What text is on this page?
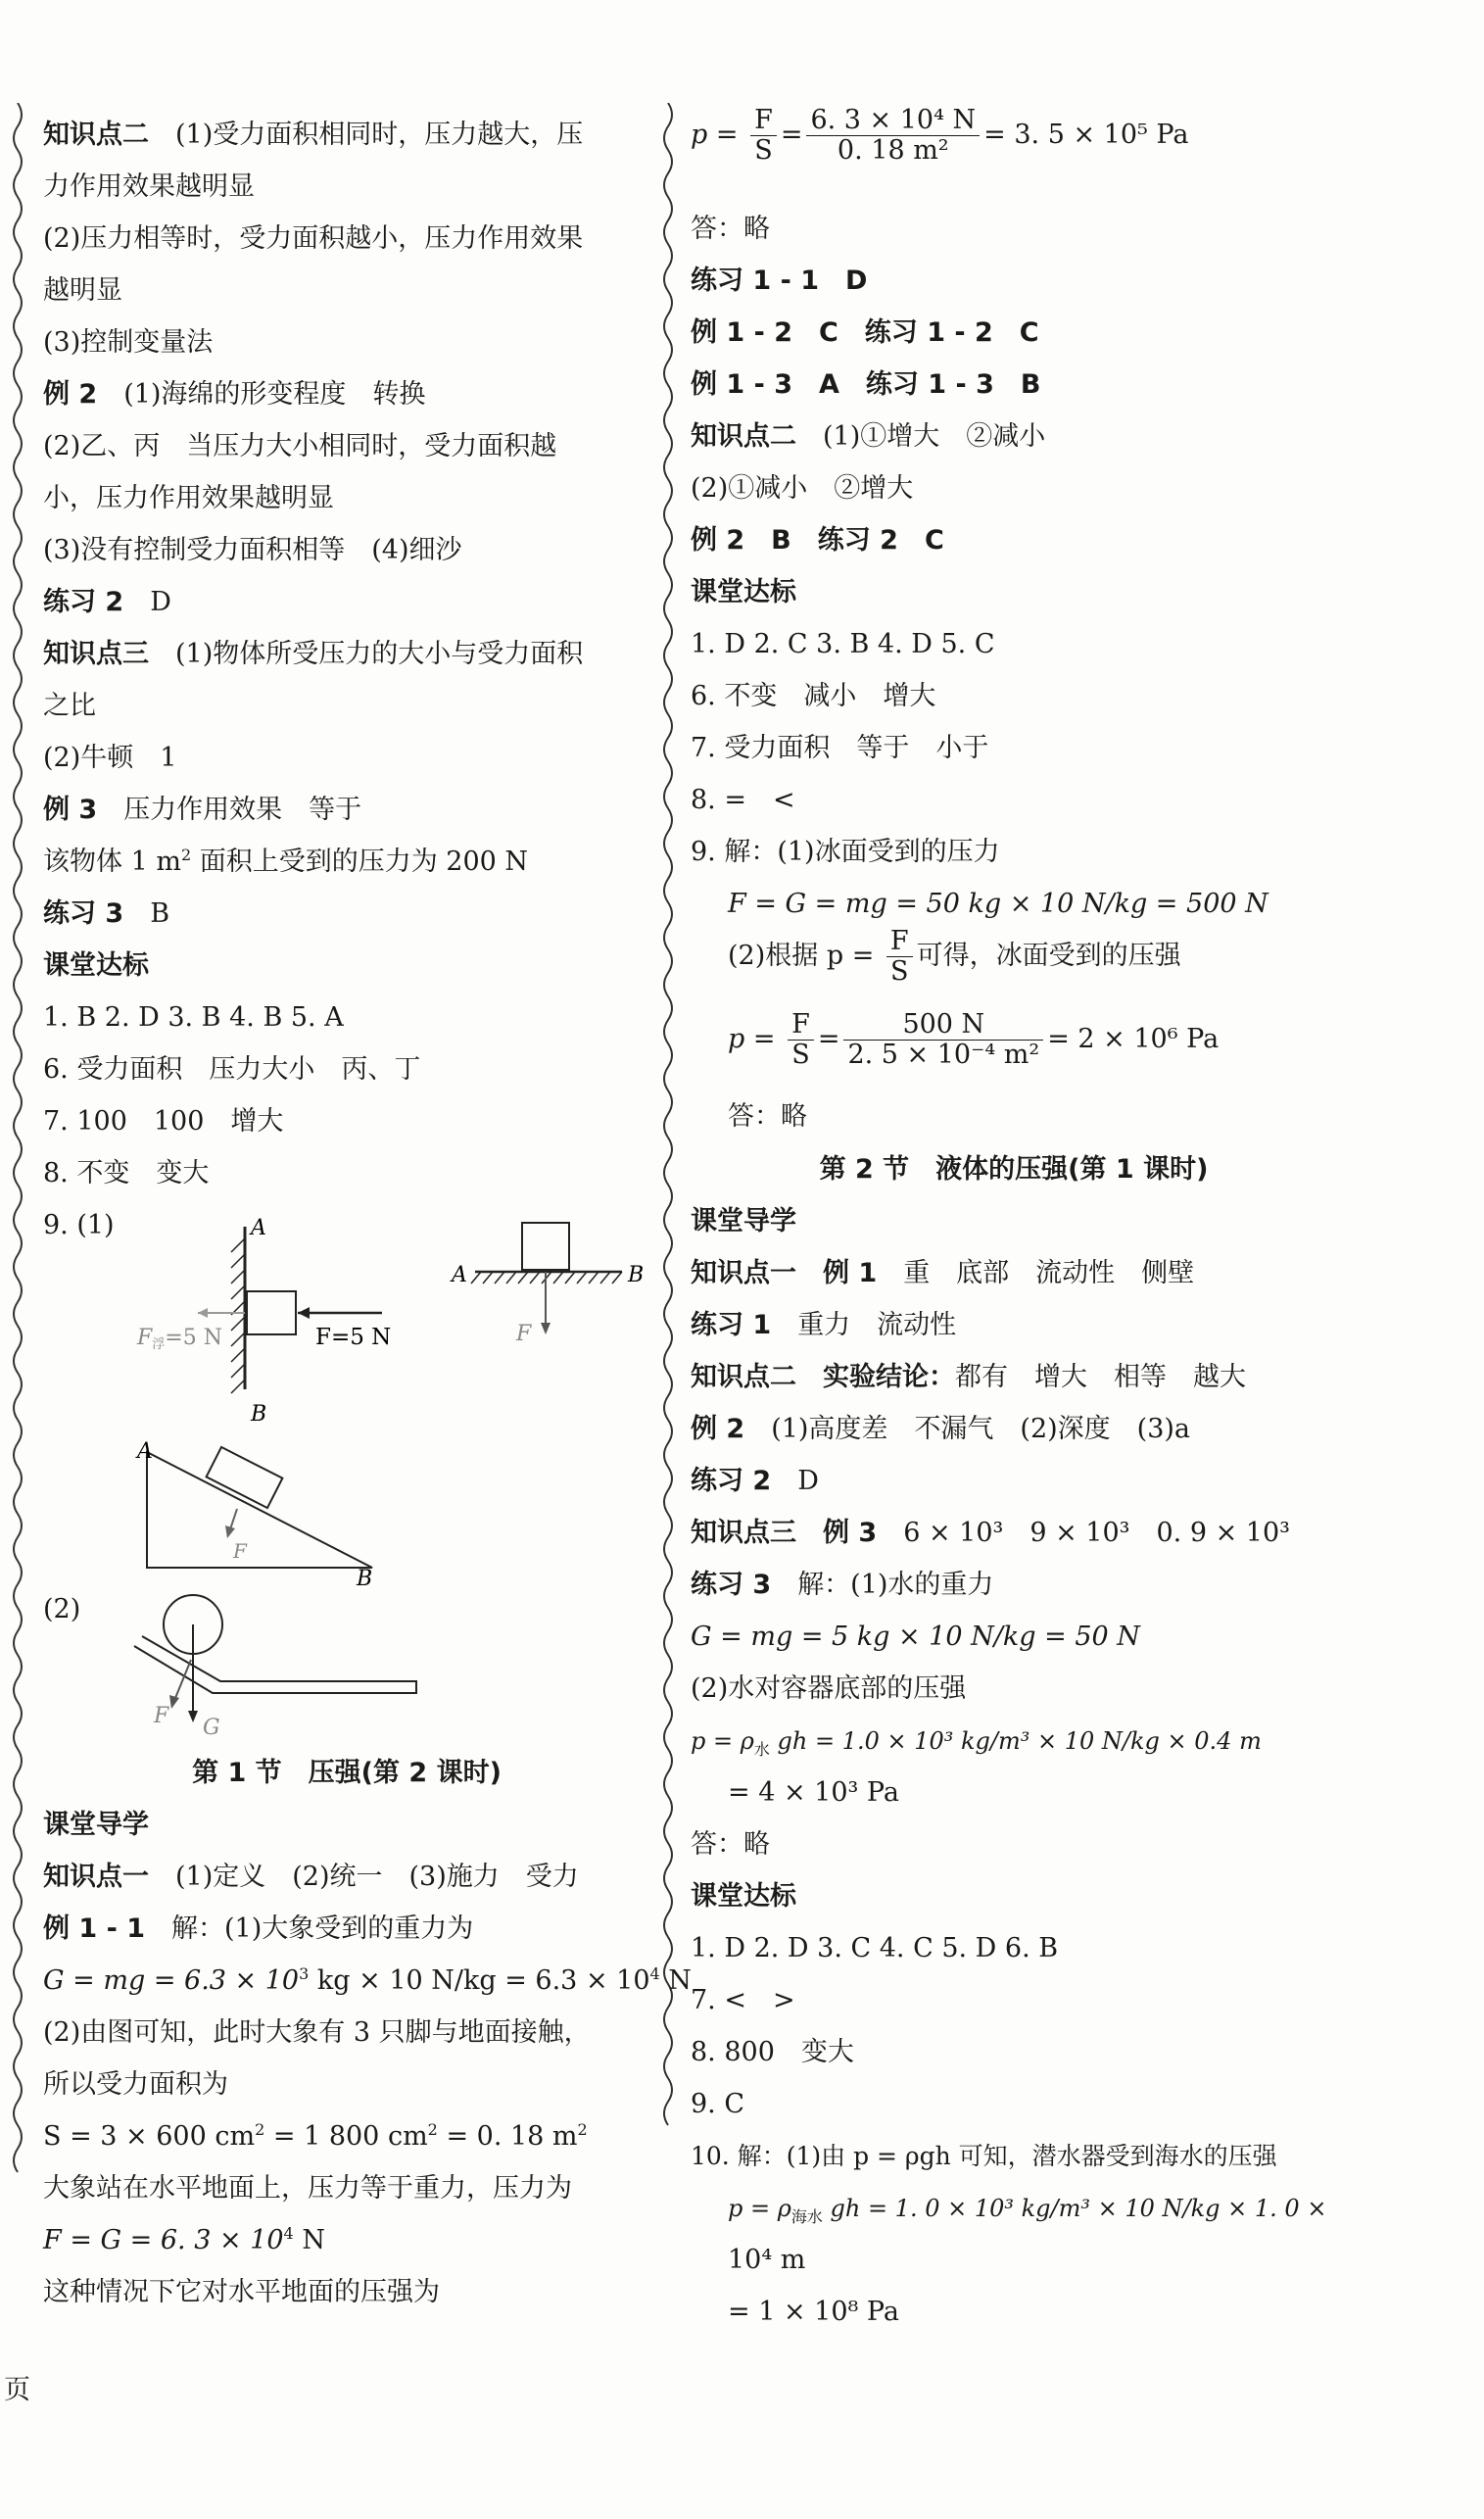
知识点二　 (1)受力面积相同时，压力越大，压
力作用效果越明显
(2)压力相等时，受力面积越小，压力作用效果
越明显
(3)控制变量法
例 2　 (1)海绵的形变程度　转换
(2)乙、丙　当压力大小相同时，受力面积越
小，压力作用效果越明显
(3)没有控制受力面积相等　(4)细沙
练习 2　 D
知识点三　 (1)物体所受压力的大小与受力面积
之比
(2)牛顿　1
例 3　 压力作用效果　等于
该物体 1 $m^2$ 面积上受到的压力为 200 N
练习 3　 B
课堂达标
1. B 2. D 3. B 4. B 5. A
6. 受力面积　压力大小　丙、丁
7. 100　100　增大
8. 不变　变大
9. (1)
(2)
A
B
F浮=5 N	F=5 N
A	B
F
A
B
F
F G
第 1 节　压强(第 2 课时)
课堂导学
知识点一　 (1)定义　(2)统一　(3)施力　受力
例 1 - 1　 解：(1)大象受到的重力为
G = mg = $6.3 \times 10^3$ kg × 10 $N/kg = 6.3 \times 10^4$ N
(2)由图可知，此时大象有 3 只脚与地面接触，
所以受力面积为
S = 3 × 600 $cm^2 = 1$ 800 $cm^2 = 0$. 18 $m^2$
大象站在水平地面上，压力等于重力，压力为
F = G = 6. $3 \times 10^4$ N
这种情况下它对水平地面的压强为
页
$p = \frac{F}{S} = \frac{\text{6. 3 × 10⁴ N}}{\text{0. 18 m²}} = 3$. 5 × 10⁵ Pa
答：略
练习 1 - 1　D
例 1 - 2　C　练习 1 - 2　C
例 1 - 3　A　练习 1 - 3　B
知识点二　 (1)①增大　②减小
(2)①减小　②增大
例 2　B　练习 2　C
课堂达标
1. D 2. C 3. B 4. D 5. C
6. 不变　减小　增大
7. 受力面积　等于　小于
8. =　<
9. 解：(1)冰面受到的压力
F = G = mg = 50 kg × 10 N/kg = 500 N
(2)根据 $p = \frac{F}{S}$ 可得，冰面受到的压强
$p = \frac{F}{S} = \frac{500 N}{\text{2. 5 × 10⁻⁴ m²}} = 2 \times 10^6$ Pa
答：略
第 2 节　液体的压强(第 1 课时)
课堂导学
知识点一　例 1　 重　底部　流动性　侧壁
练习 1　 重力　流动性
知识点二　实验结论：都有　增大　相等　越大
例 2　 (1)高度差　不漏气　(2)深度　(3)a
练习 2　 D
知识点三　例 3　 6 × 10³　9 × 10³　0. 9 × 10³
练习 3　 解：(1)水的重力
G = mg = 5 kg × 10 N/kg = 50 N
(2)水对容器底部的压强
$p = \rho_水$ gh = 1.0 × 10³ kg/m³ × 10 N/kg × 0.4 m
= 4 × 10³ Pa
答：略
课堂达标
1. D 2. D 3. C 4. C 5. D 6. B
7. <　>
8. 800　变大
9. C
10. 解：(1)由 p = ρgh 可知，潜水器受到海水的压强
$p = \rho_{海水}$ gh = 1. 0 × 10³ kg/m³ × 10 N/kg × 1. 0 ×
10⁴ m
= 1 × 10⁸ Pa
